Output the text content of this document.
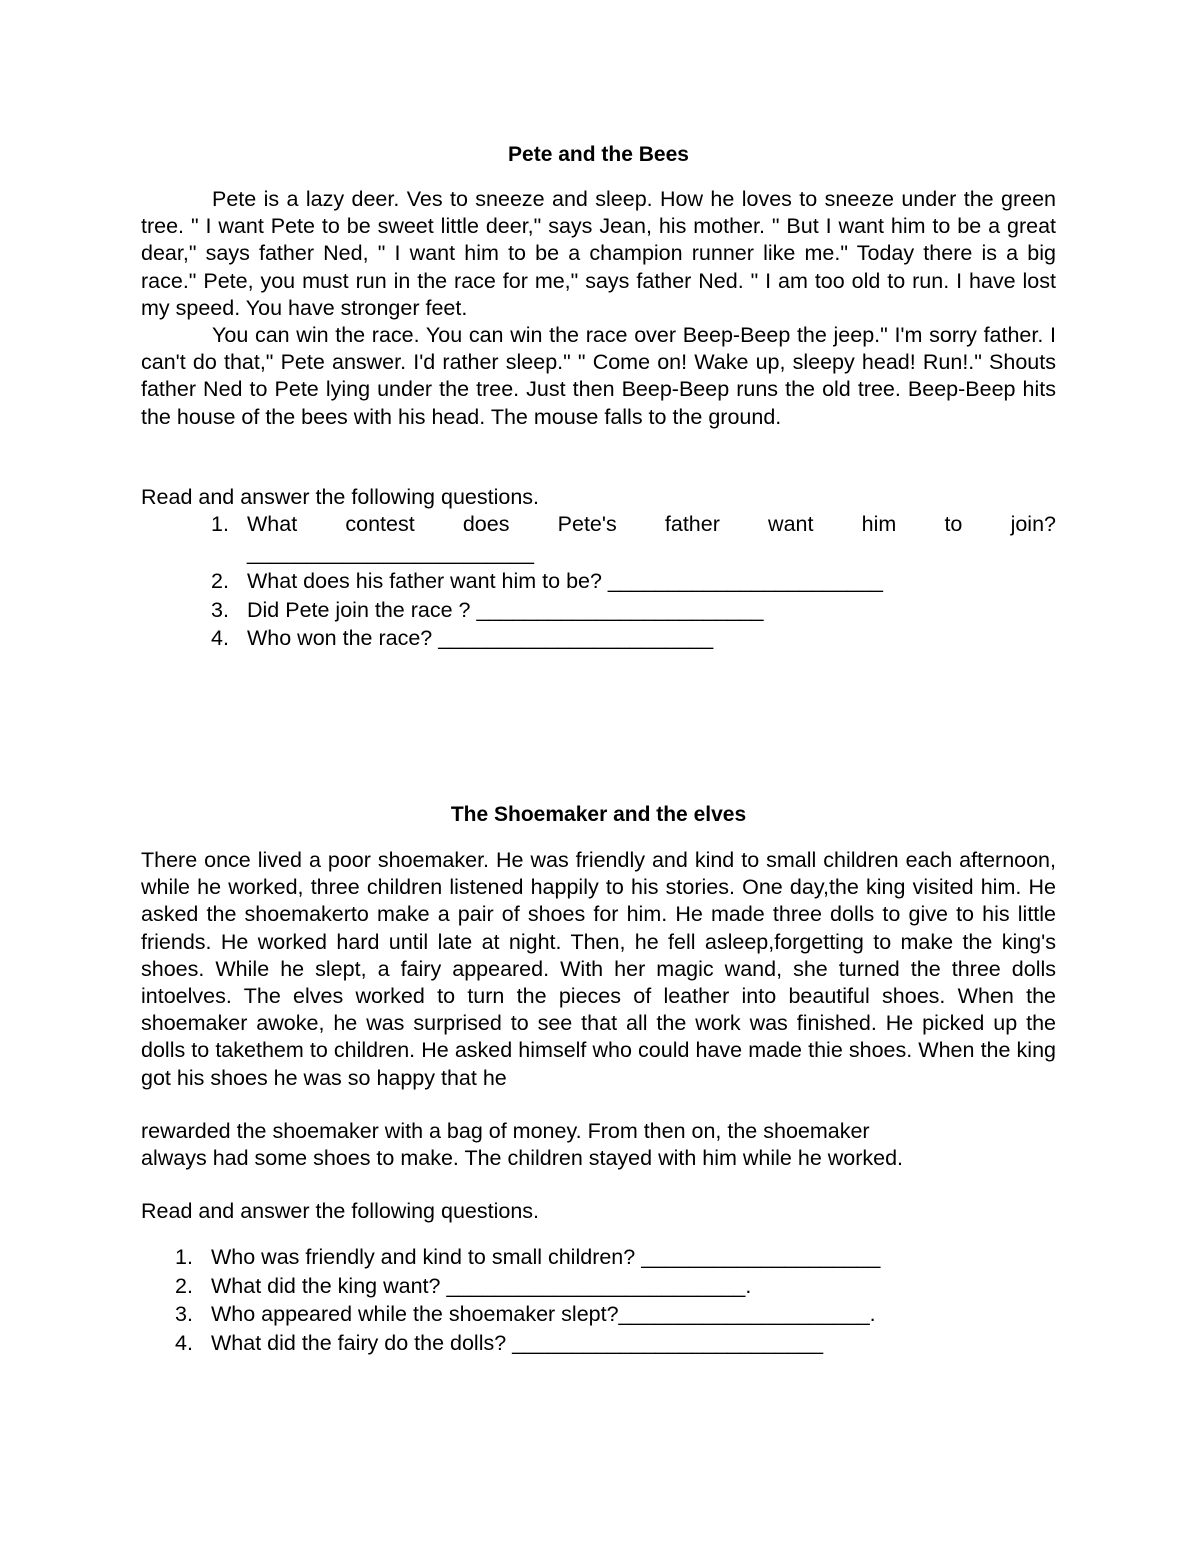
Pete and the Bees

Pete is a lazy deer. Ves to sneeze and sleep. How he loves to sneeze under the green tree. " I want Pete to be sweet little deer," says Jean, his mother. " But I want him to be a great dear," says father Ned, " I want him to be a champion runner like me." Today there is a big race." Pete, you must run in the race for me," says father Ned. " I am too old to run. I have lost my speed. You have stronger feet.

You can win the race. You can win the race over Beep-Beep the jeep." I'm sorry father. I can't do that," Pete answer. I'd rather sleep." " Come on! Wake up, sleepy head! Run!." Shouts father Ned to Pete lying under the tree. Just then Beep-Beep runs the old tree. Beep-Beep hits the house of the bees with his head. The mouse falls to the ground.

Read and answer the following questions.

1. What contest does Pete's father want him to join?
________________________
2. What does his father want him to be? _______________________
3. Did Pete join the race ? ________________________
4. Who won the race? _______________________
The Shoemaker and the elves

There once lived a poor shoemaker. He was friendly and kind to small children each afternoon, while he worked, three children listened happily to his stories. One day,the king visited him. He asked the shoemakerto make a pair of shoes for him. He made three dolls to give to his little friends. He worked hard until late at night. Then, he fell asleep,forgetting to make the king's shoes. While he slept, a fairy appeared. With her magic wand, she turned the three dolls intoelves. The elves worked to turn the pieces of leather into beautiful shoes. When the shoemaker awoke, he was surprised to see that all the work was finished. He picked up the dolls to takethem to children. He asked himself who could have made thie shoes. When the king got his shoes he was so happy that he

rewarded the shoemaker with a bag of money. From then on, the shoemaker

always had some shoes to make. The children stayed with him while he worked.

Read and answer the following questions.

1. Who was friendly and kind to small children? ____________________
2. What did the king want? _________________________.
3. Who appeared while the shoemaker slept?_____________________.
4. What did the fairy do the dolls? __________________________
